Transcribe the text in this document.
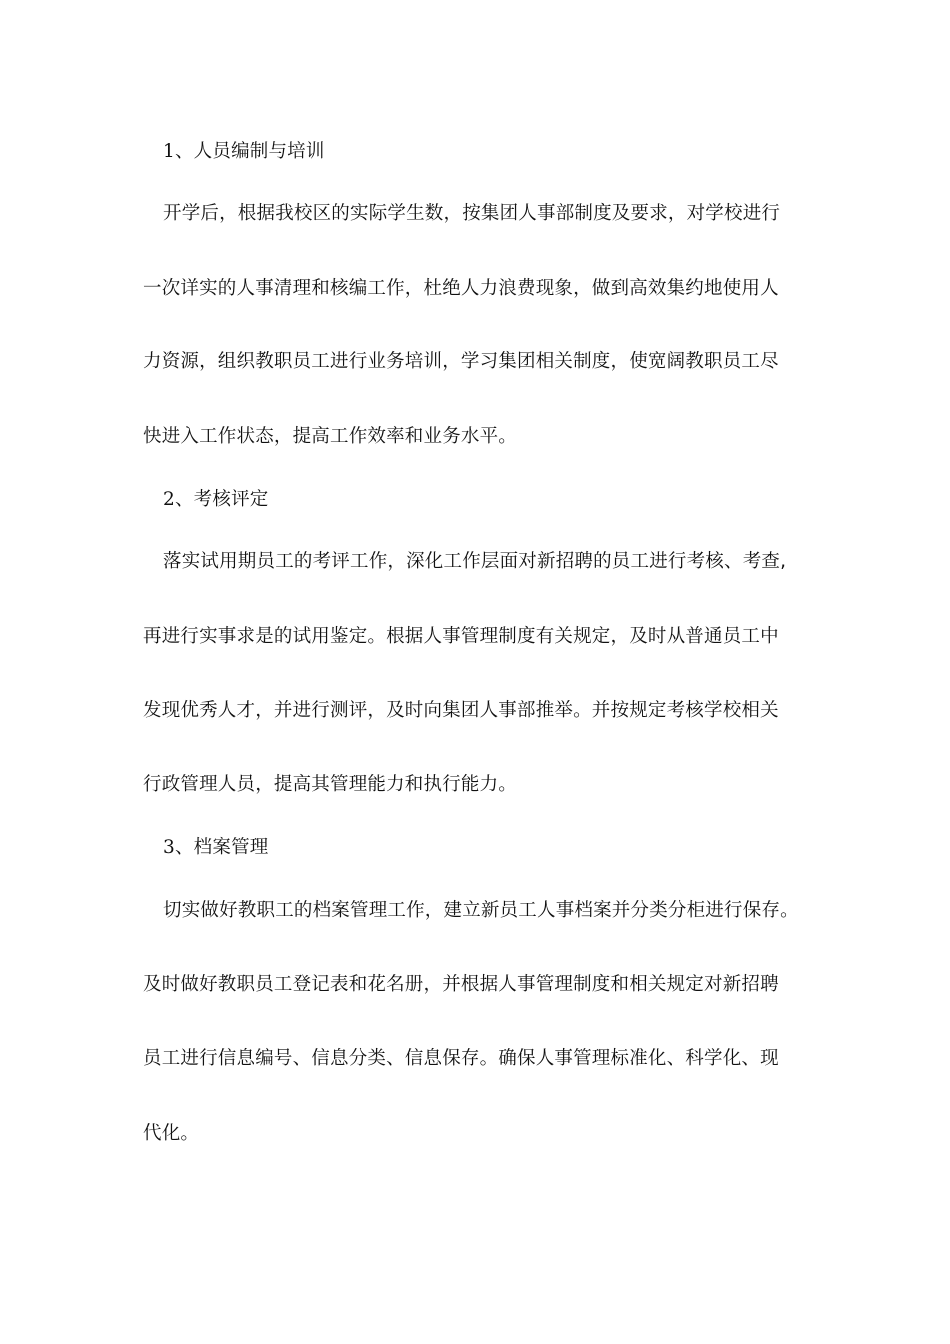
1、人员编制与培训
开学后，根据我校区的实际学生数，按集团人事部制度及要求，对学校进行
一次详实的人事清理和核编工作，杜绝人力浪费现象，做到高效集约地使用人
力资源，组织教职员工进行业务培训，学习集团相关制度，使宽阔教职员工尽
快进入工作状态，提高工作效率和业务水平。
2、考核评定
落实试用期员工的考评工作，深化工作层面对新招聘的员工进行考核、考查,
再进行实事求是的试用鉴定。根据人事管理制度有关规定，及时从普通员工中
发现优秀人才，并进行测评，及时向集团人事部推举。并按规定考核学校相关
行政管理人员，提高其管理能力和执行能力。
3、档案管理
切实做好教职工的档案管理工作，建立新员工人事档案并分类分柜进行保存。
及时做好教职员工登记表和花名册，并根据人事管理制度和相关规定对新招聘
员工进行信息编号、信息分类、信息保存。确保人事管理标准化、科学化、现
代化。
